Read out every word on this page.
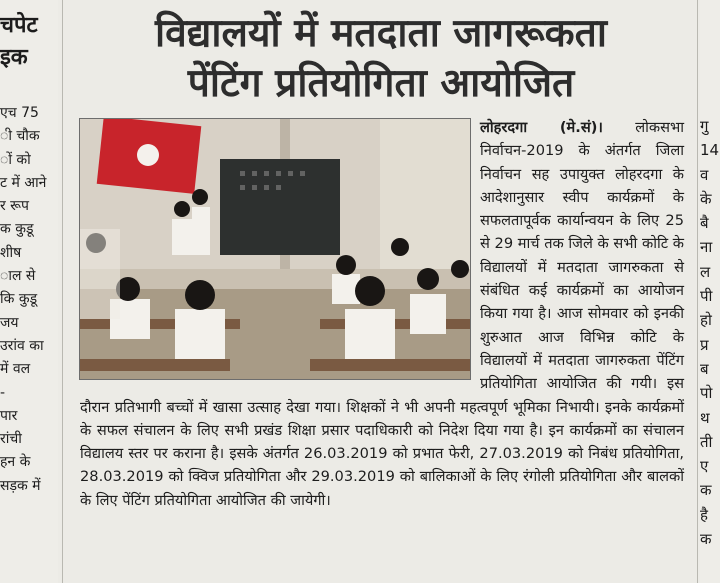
चपेट

इक

एच 75

ी चौक

ों को

ट में आने

र रूप

क कुडू

शीष

ाल से

कि कुडू

जय

उरांव का

में वल

-

पार

रांची

हन के

सड़क में

विद्यालयों में मतदाता जागरूकता
पेंटिंग प्रतियोगिता आयोजित

लोहरदगा (मे.सं)। लोकसभा निर्वाचन-2019 के अंतर्गत जिला निर्वाचन सह उपायुक्त लोहरदगा के आदेशानुसार स्वीप कार्यक्रमों के सफलतापूर्वक कार्यान्वयन के लिए 25 से 29 मार्च तक जिले के सभी कोटि के विद्यालयों में मतदाता जागरुकता से संबंधित कई कार्यक्रमों का आयोजन किया गया है। आज सोमवार को इनकी शुरुआत आज विभिन्न कोटि के विद्यालयों में मतदाता जागरुकता पेंटिंग प्रतियोगिता आयोजित की गयी। इस दौरान प्रतिभागी बच्चों में खासा उत्साह देखा गया। शिक्षकों ने भी अपनी महत्वपूर्ण भूमिका निभायी। इनके कार्यक्रमों के सफल संचालन के लिए सभी प्रखंड शिक्षा प्रसार पदाधिकारी को निदेश दिया गया है। इन कार्यक्रमों का संचालन विद्यालय स्तर पर कराना है। इसके अंतर्गत 26.03.2019 को प्रभात फेरी, 27.03.2019 को निबंध प्रतियोगिता, 28.03.2019 को क्विज प्रतियोगिता और 29.03.2019 को बालिकाओं के लिए रंगोली प्रतियोगिता और बालकों के लिए पेंटिंग प्रतियोगिता आयोजित की जायेगी।

गु

14

व

के

बै

ना

ल

पी

हो

प्र

ब

पो

थ

ती

ए

क

है

क
